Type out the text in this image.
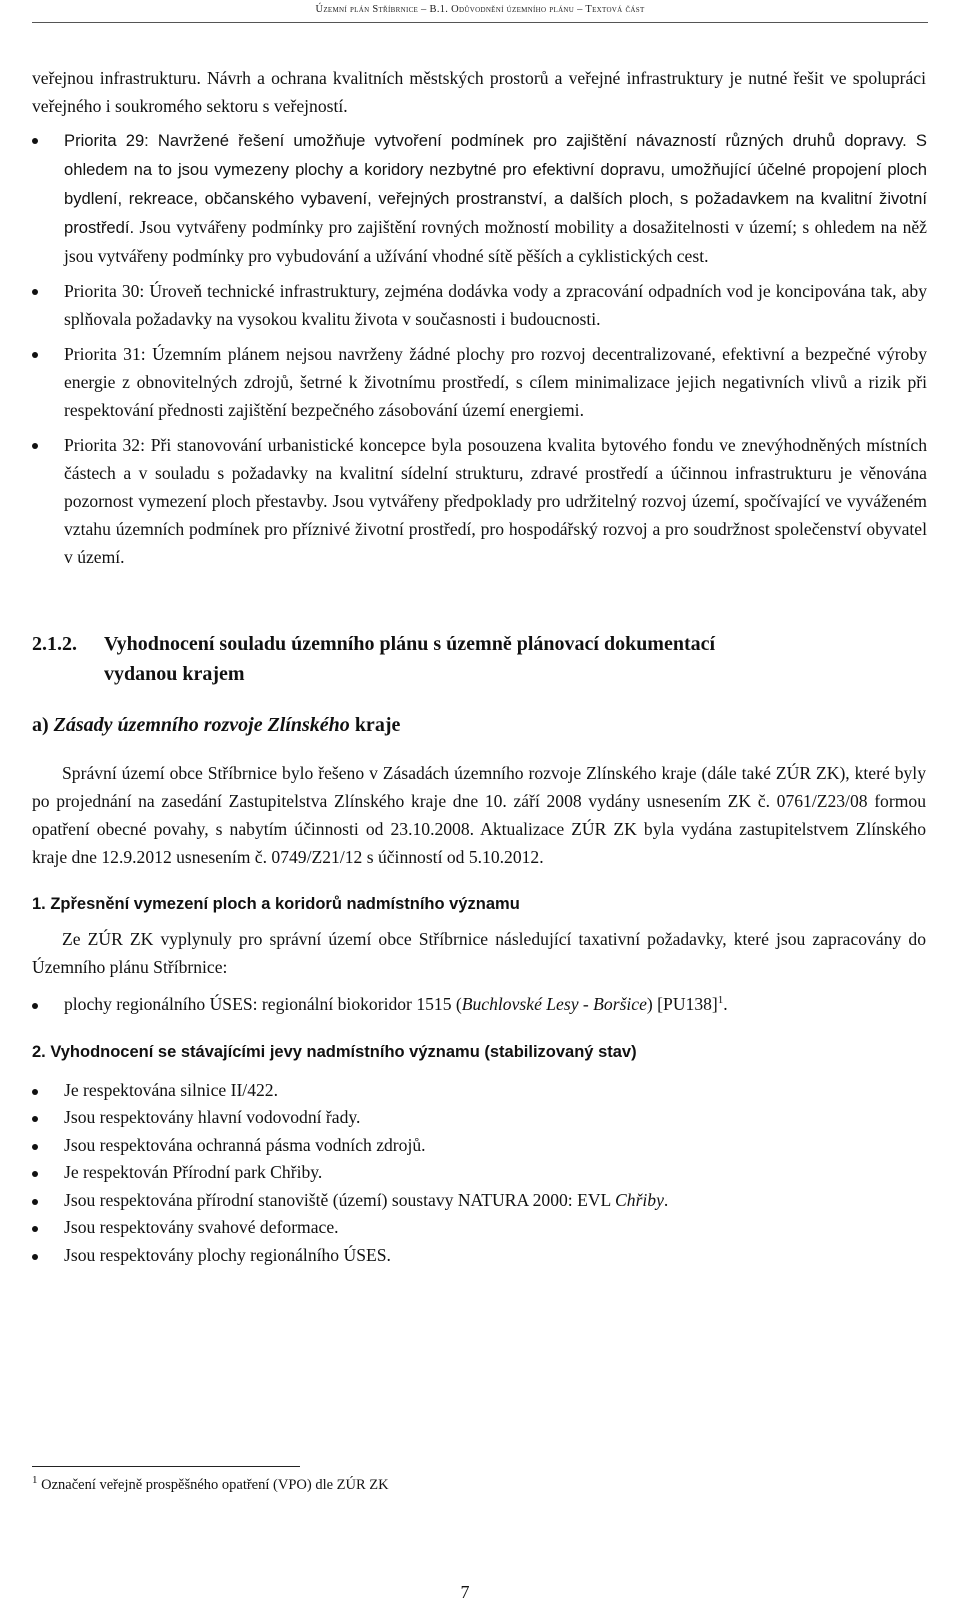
Územní plán Stříbrnice – B.1. Odůvodnění územního plánu – Textová část

veřejnou infrastrukturu. Návrh a ochrana kvalitních městských prostorů a veřejné infrastruktury je nutné řešit ve spolupráci veřejného i soukromého sektoru s veřejností.

Priorita 29: Navržené řešení umožňuje vytvoření podmínek pro zajištění návazností různých druhů dopravy. S ohledem na to jsou vymezeny plochy a koridory nezbytné pro efektivní dopravu, umožňující účelné propojení ploch bydlení, rekreace, občanského vybavení, veřejných prostranství, a dalších ploch, s požadavkem na kvalitní životní prostředí. Jsou vytvářeny podmínky pro zajištění rovných možností mobility a dosažitelnosti v území; s ohledem na něž jsou vytvářeny podmínky pro vybudování a užívání vhodné sítě pěších a cyklistických cest.
Priorita 30: Úroveň technické infrastruktury, zejména dodávka vody a zpracování odpadních vod je koncipována tak, aby splňovala požadavky na vysokou kvalitu života v současnosti i budoucnosti.
Priorita 31: Územním plánem nejsou navrženy žádné plochy pro rozvoj decentralizované, efektivní a bezpečné výroby energie z obnovitelných zdrojů, šetrné k životnímu prostředí, s cílem minimalizace jejich negativních vlivů a rizik při respektování přednosti zajištění bezpečného zásobování území energiemi.
Priorita 32: Při stanovování urbanistické koncepce byla posouzena kvalita bytového fondu ve znevýhodněných místních částech a v souladu s požadavky na kvalitní sídelní strukturu, zdravé prostředí a účinnou infrastrukturu je věnována pozornost vymezení ploch přestavby. Jsou vytvářeny předpoklady pro udržitelný rozvoj území, spočívající ve vyváženém vztahu územních podmínek pro příznivé životní prostředí, pro hospodářský rozvoj a pro soudržnost společenství obyvatel v území.
2.1.2. Vyhodnocení souladu územního plánu s územně plánovací dokumentací
vydanou krajem
a) Zásady územního rozvoje Zlínského kraje

Správní území obce Stříbrnice bylo řešeno v Zásadách územního rozvoje Zlínského kraje (dále také ZÚR ZK), které byly po projednání na zasedání Zastupitelstva Zlínského kraje dne 10. září 2008 vydány usnesením ZK č. 0761/Z23/08 formou opatření obecné povahy, s nabytím účinnosti od 23.10.2008. Aktualizace ZÚR ZK byla vydána zastupitelstvem Zlínského kraje dne 12.9.2012 usnesením č. 0749/Z21/12 s účinností od 5.10.2012.

1. Zpřesnění vymezení ploch a koridorů nadmístního významu

Ze ZÚR ZK vyplynuly pro správní území obce Stříbrnice následující taxativní požadavky, které jsou zapracovány do Územního plánu Stříbrnice:

plochy regionálního ÚSES: regionální biokoridor 1515 (Buchlovské Lesy - Boršice) $[PU138]^1$.
2. Vyhodnocení se stávajícími jevy nadmístního významu (stabilizovaný stav)
Je respektována silnice II/422.
Jsou respektovány hlavní vodovodní řady.
Jsou respektována ochranná pásma vodních zdrojů.
Je respektován Přírodní park Chřiby.
Jsou respektována přírodní stanoviště (území) soustavy NATURA 2000: EVL Chřiby.
Jsou respektovány svahové deformace.
Jsou respektovány plochy regionálního ÚSES.
$^1$ Označení veřejně prospěšného opatření (VPO) dle ZÚR ZK
7
